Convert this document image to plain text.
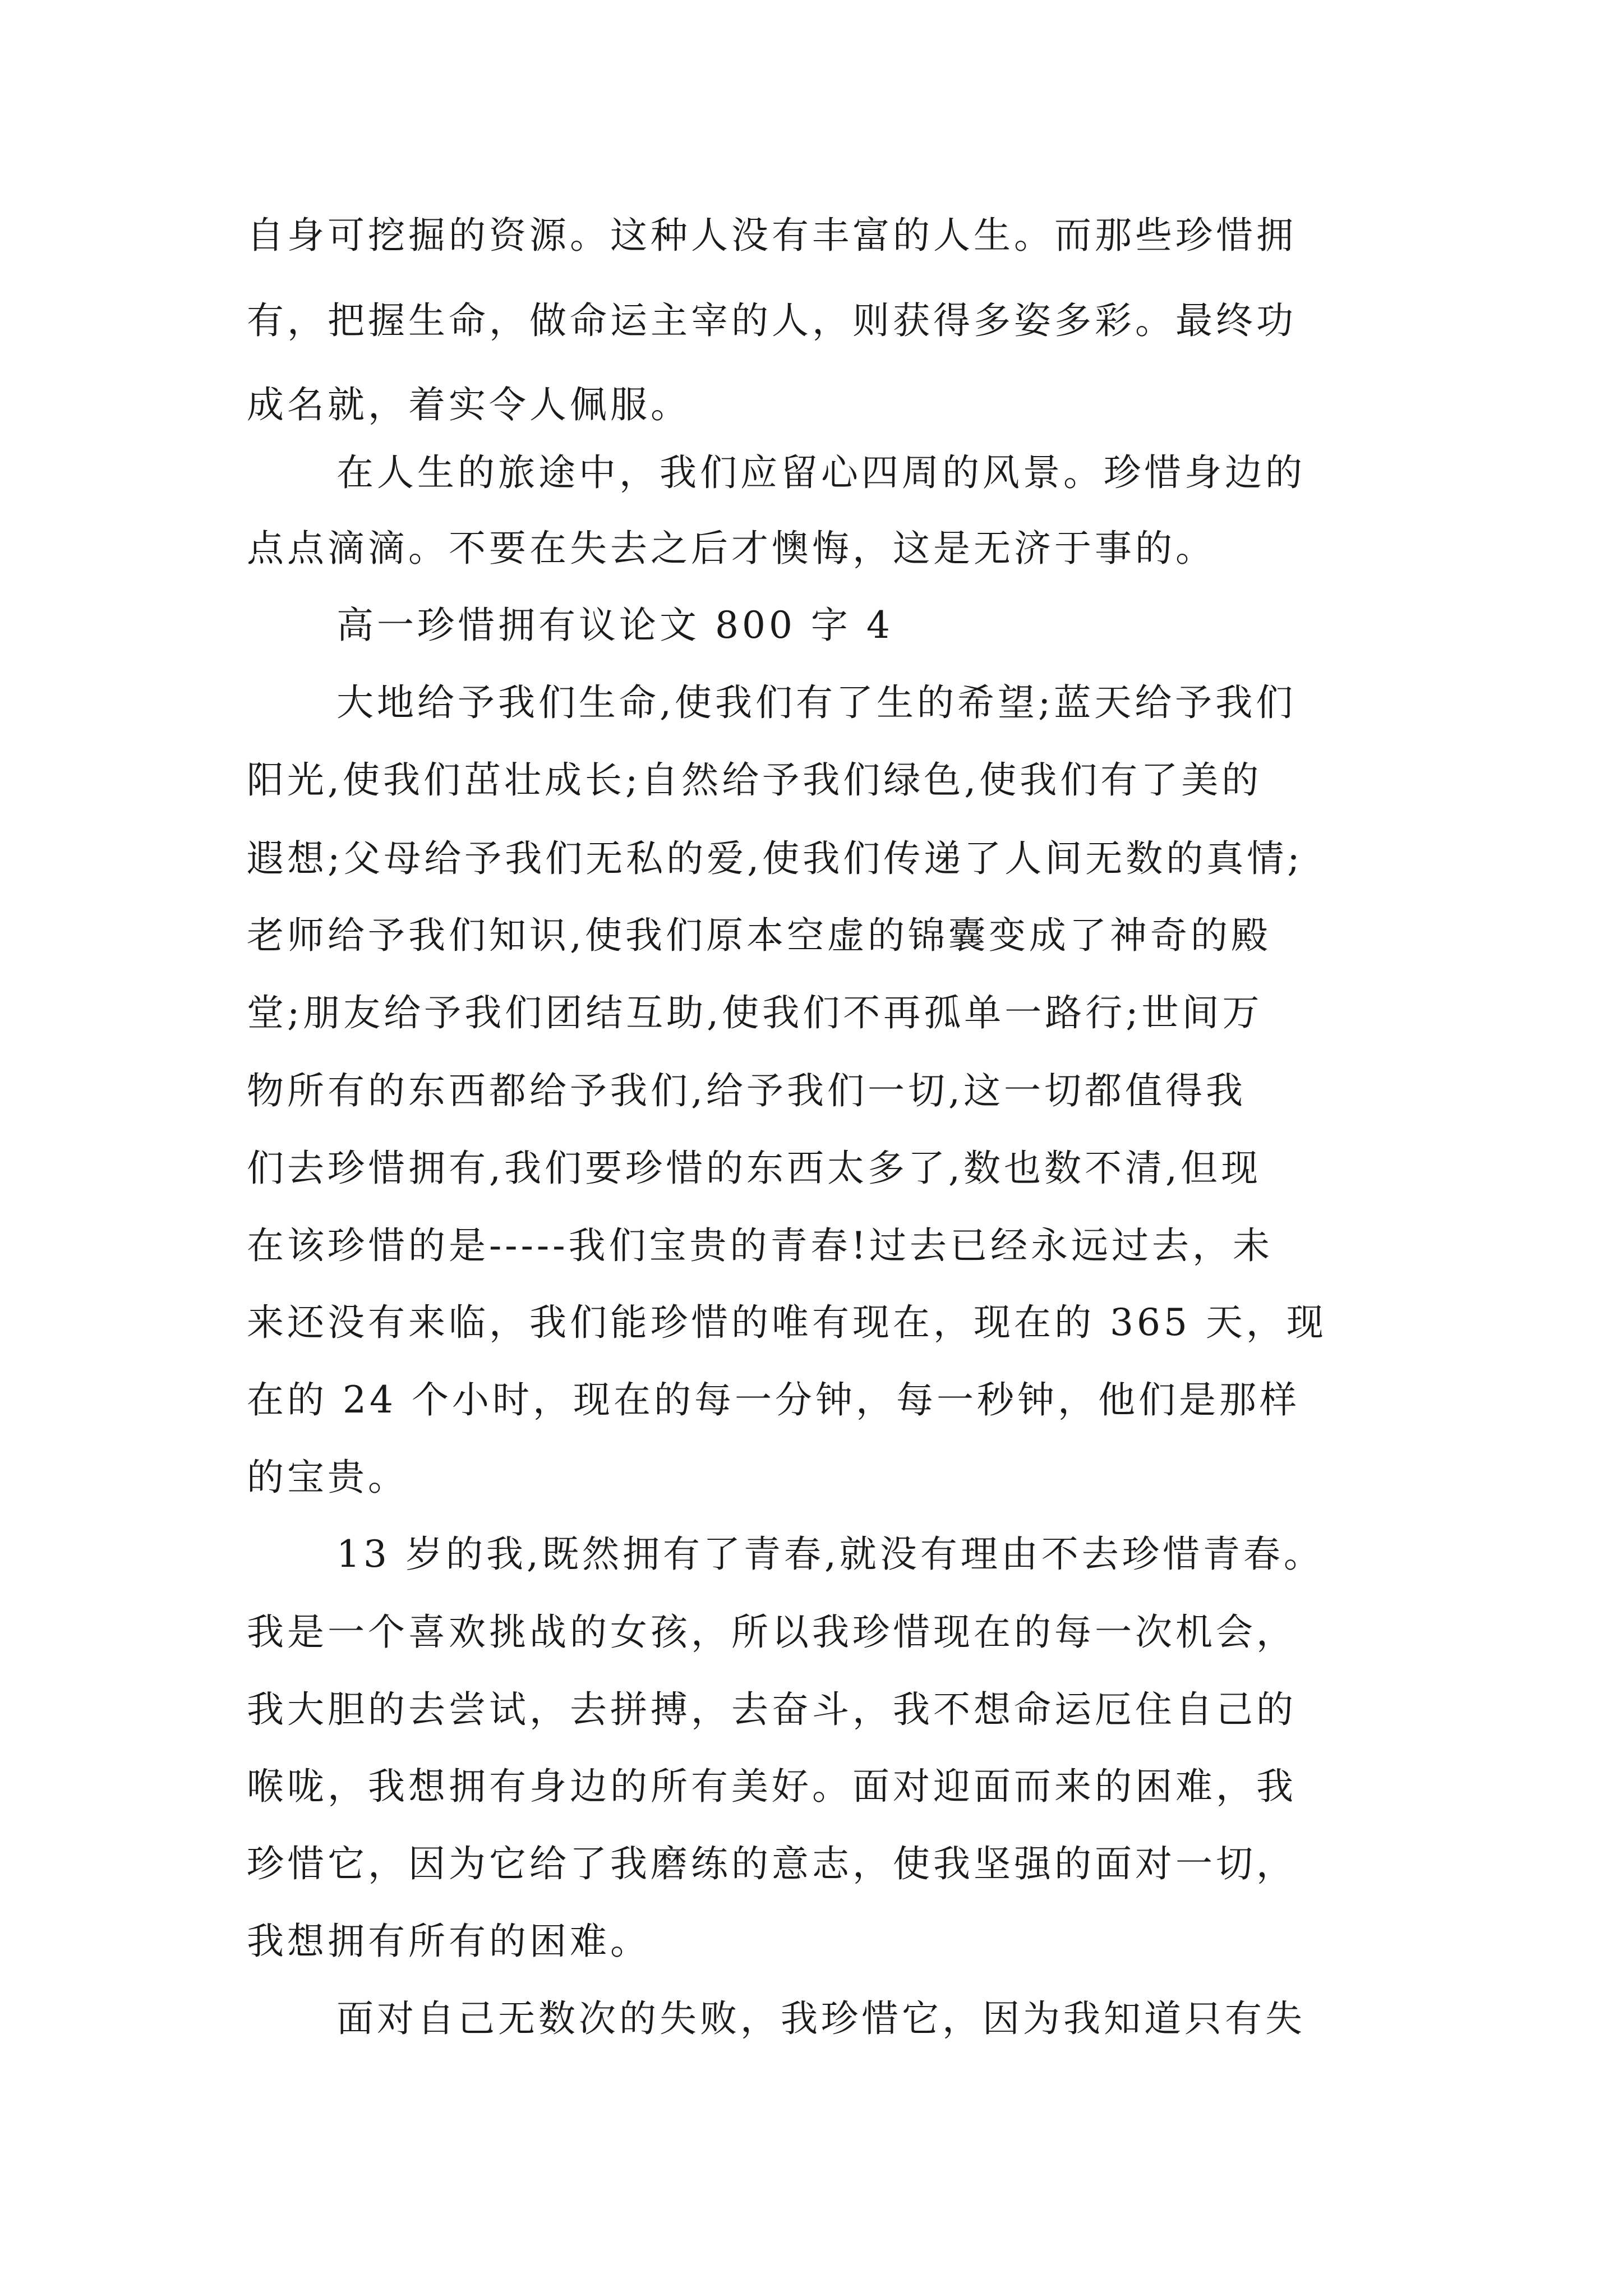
自身可挖掘的资源。这种人没有丰富的人生。而那些珍惜拥
有，把握生命，做命运主宰的人，则获得多姿多彩。最终功
成名就，着实令人佩服。
在人生的旅途中，我们应留心四周的风景。珍惜身边的
点点滴滴。不要在失去之后才懊悔，这是无济于事的。
高一珍惜拥有议论文 800 字 4
大地给予我们生命,使我们有了生的希望;蓝天给予我们
阳光,使我们茁壮成长;自然给予我们绿色,使我们有了美的
遐想;父母给予我们无私的爱,使我们传递了人间无数的真情;
老师给予我们知识,使我们原本空虚的锦囊变成了神奇的殿
堂;朋友给予我们团结互助,使我们不再孤单一路行;世间万
物所有的东西都给予我们,给予我们一切,这一切都值得我
们去珍惜拥有,我们要珍惜的东西太多了,数也数不清,但现
在该珍惜的是-----我们宝贵的青春!过去已经永远过去，未
来还没有来临，我们能珍惜的唯有现在，现在的 365 天，现
在的 24 个小时，现在的每一分钟，每一秒钟，他们是那样
的宝贵。
13 岁的我,既然拥有了青春,就没有理由不去珍惜青春。
我是一个喜欢挑战的女孩，所以我珍惜现在的每一次机会，
我大胆的去尝试，去拼搏，去奋斗，我不想命运厄住自己的
喉咙，我想拥有身边的所有美好。面对迎面而来的困难，我
珍惜它，因为它给了我磨练的意志，使我坚强的面对一切，
我想拥有所有的困难。
面对自己无数次的失败，我珍惜它，因为我知道只有失
